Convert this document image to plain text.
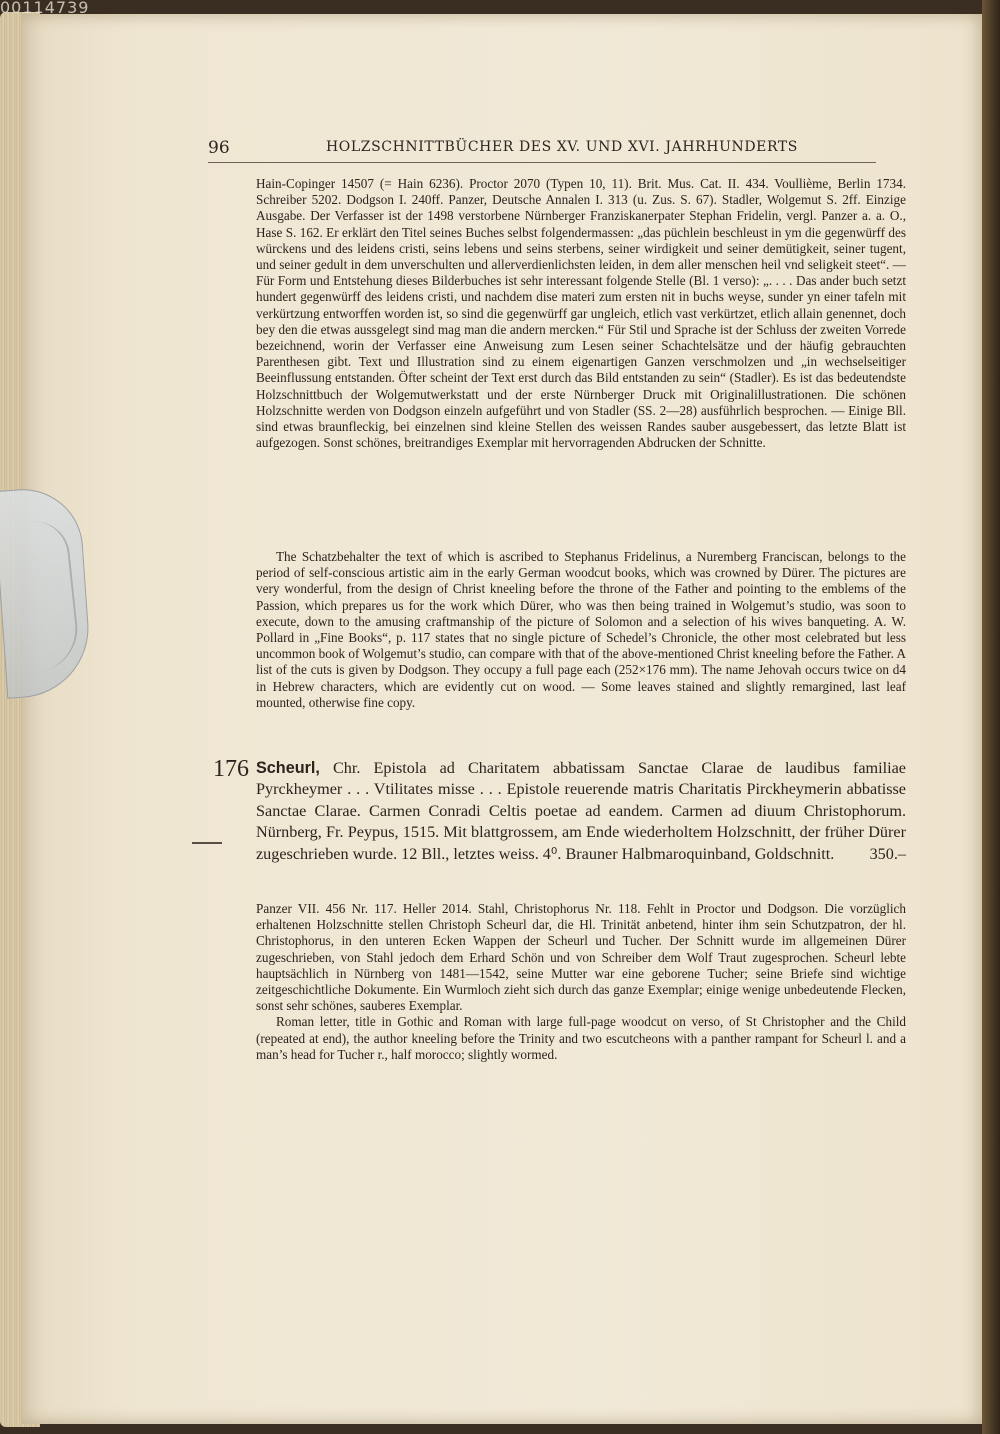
00114739
96	HOLZSCHNITTBÜCHER DES XV. UND XVI. JAHRHUNDERTS

Hain-Copinger 14507 (= Hain 6236). Proctor 2070 (Typen 10, 11). Brit. Mus. Cat. II. 434. Voullième, Berlin 1734. Schreiber 5202. Dodgson I. 240ff. Panzer, Deutsche Annalen I. 313 (u. Zus. S. 67). Stadler, Wolgemut S. 2ff. Einzige Ausgabe. Der Verfasser ist der 1498 verstorbene Nürnberger Franziskanerpater Stephan Fridelin, vergl. Panzer a. a. O., Hase S. 162. Er erklärt den Titel seines Buches selbst folgendermassen: „das püchlein beschleust in ym die gegenwürff des würckens und des leidens cristi, seins lebens und seins sterbens, seiner wirdigkeit und seiner demütigkeit, seiner tugent, und seiner gedult in dem unverschulten und allerverdienlichsten leiden, in dem aller menschen heil vnd seligkeit steet“. — Für Form und Entstehung dieses Bilderbuches ist sehr interessant folgende Stelle (Bl. 1 verso): „. . . . Das ander buch setzt hundert gegenwürff des leidens cristi, und nachdem dise materi zum ersten nit in buchs weyse, sunder yn einer tafeln mit verkürtzung entworffen worden ist, so sind die gegenwürff gar ungleich, etlich vast verkürtzet, etlich allain genennet, doch bey den die etwas aussgelegt sind mag man die andern mercken.“ Für Stil und Sprache ist der Schluss der zweiten Vorrede bezeichnend, worin der Verfasser eine Anweisung zum Lesen seiner Schachtelsätze und der häufig gebrauchten Parenthesen gibt. Text und Illustration sind zu einem eigenartigen Ganzen verschmolzen und „in wechselseitiger Beeinflussung entstanden. Öfter scheint der Text erst durch das Bild entstanden zu sein“ (Stadler). Es ist das bedeutendste Holzschnittbuch der Wolgemutwerkstatt und der erste Nürnberger Druck mit Originalillustrationen. Die schönen Holzschnitte werden von Dodgson einzeln aufgeführt und von Stadler (SS. 2—28) ausführlich besprochen. — Einige Bll. sind etwas braunfleckig, bei einzelnen sind kleine Stellen des weissen Randes sauber ausgebessert, das letzte Blatt ist aufgezogen. Sonst schönes, breitrandiges Exemplar mit hervorragenden Abdrucken der Schnitte.

The Schatzbehalter the text of which is ascribed to Stephanus Fridelinus, a Nuremberg Franciscan, belongs to the period of self-conscious artistic aim in the early German woodcut books, which was crowned by Dürer. The pictures are very wonderful, from the design of Christ kneeling before the throne of the Father and pointing to the emblems of the Passion, which prepares us for the work which Dürer, who was then being trained in Wolgemut’s studio, was soon to execute, down to the amusing craftmanship of the picture of Solomon and a selection of his wives banqueting. A. W. Pollard in „Fine Books“, p. 117 states that no single picture of Schedel’s Chronicle, the other most celebrated but less uncommon book of Wolgemut’s studio, can compare with that of the above-mentioned Christ kneeling before the Father. A list of the cuts is given by Dodgson. They occupy a full page each (252×176 mm). The name Jehovah occurs twice on d4 in Hebrew characters, which are evidently cut on wood. — Some leaves stained and slightly remargined, last leaf mounted, otherwise fine copy.

176 Scheurl, Chr. Epistola ad Charitatem abbatissam Sanctae Clarae de laudibus familiae Pyrckheymer . . . Vtilitates misse . . . Epistole reuerende matris Charitatis Pirckheymerin abbatisse Sanctae Clarae. Carmen Conradi Celtis poetae ad eandem. Carmen ad diuum Christophorum. Nürnberg, Fr. Peypus, 1515. Mit blattgrossem, am Ende wiederholtem Holzschnitt, der früher Dürer zugeschrieben wurde. 12 Bll., letztes weiss. 4⁰. Brauner Halbmaroquinband, Goldschnitt. 350.–

Panzer VII. 456 Nr. 117. Heller 2014. Stahl, Christophorus Nr. 118. Fehlt in Proctor und Dodgson. Die vorzüglich erhaltenen Holzschnitte stellen Christoph Scheurl dar, die Hl. Trinität anbetend, hinter ihm sein Schutzpatron, der hl. Christophorus, in den unteren Ecken Wappen der Scheurl und Tucher. Der Schnitt wurde im allgemeinen Dürer zugeschrieben, von Stahl jedoch dem Erhard Schön und von Schreiber dem Wolf Traut zugesprochen. Scheurl lebte hauptsächlich in Nürnberg von 1481—1542, seine Mutter war eine geborene Tucher; seine Briefe sind wichtige zeitgeschichtliche Dokumente. Ein Wurmloch zieht sich durch das ganze Exemplar; einige wenige unbedeutende Flecken, sonst sehr schönes, sauberes Exemplar.

Roman letter, title in Gothic and Roman with large full-page woodcut on verso, of St Christopher and the Child (repeated at end), the author kneeling before the Trinity and two escutcheons with a panther rampant for Scheurl l. and a man’s head for Tucher r., half morocco; slightly wormed.
